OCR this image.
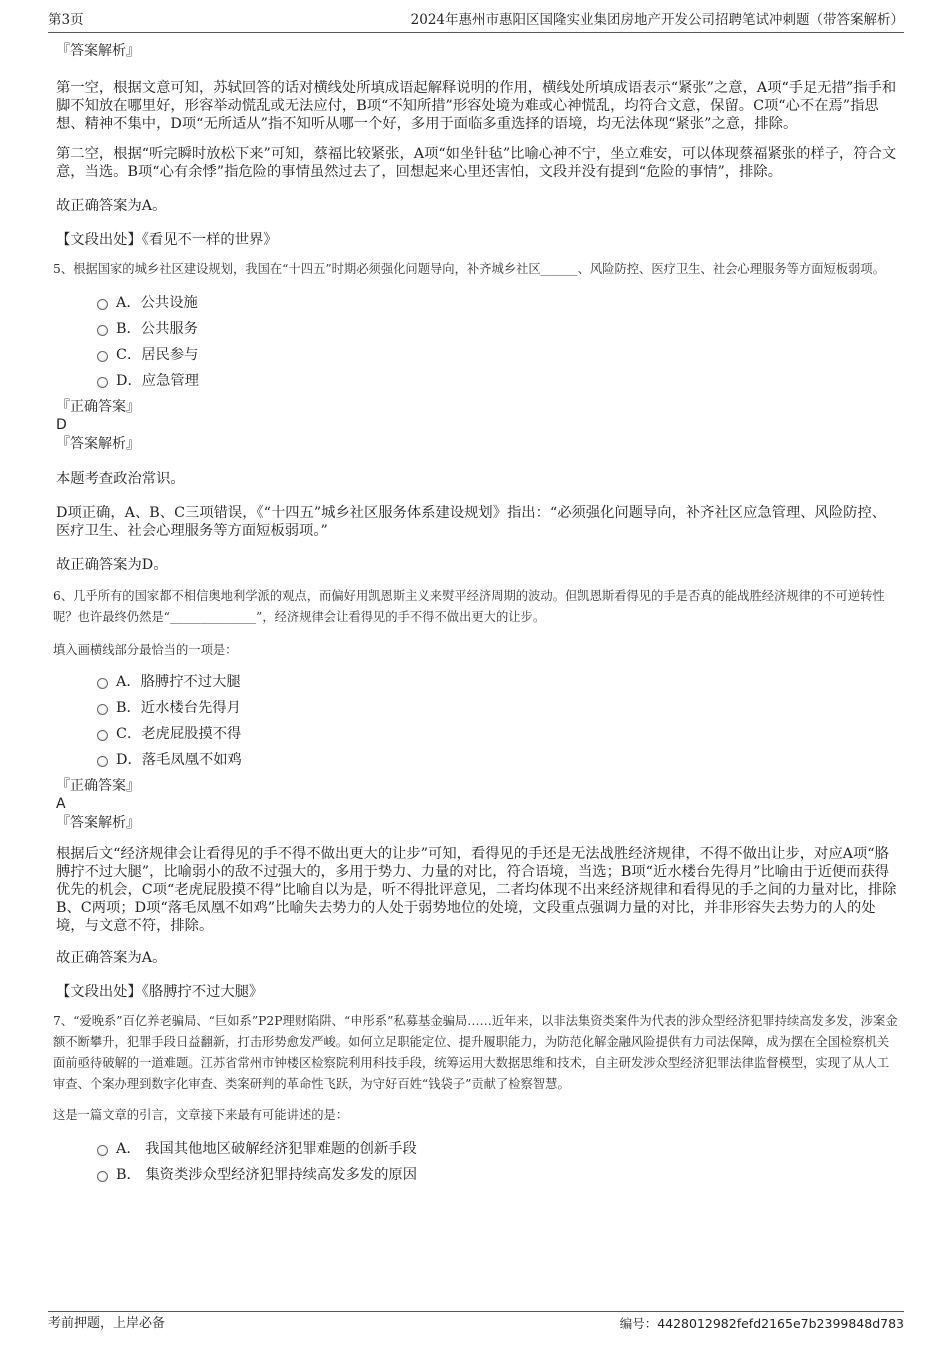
第3页	2024年惠州市惠阳区国隆实业集团房地产开发公司招聘笔试冲刺题（带答案解析）
『答案解析』

第一空，根据文意可知，苏轼回答的话对横线处所填成语起解释说明的作用，横线处所填成语表示“紧张”之意，A项“手足无措”指手和脚不知放在哪里好，形容举动慌乱或无法应付，B项“不知所措”形容处境为难或心神慌乱，均符合文意，保留。C项“心不在焉”指思想、精神不集中，D项“无所适从”指不知听从哪一个好，多用于面临多重选择的语境，均无法体现“紧张”之意，排除。

第二空，根据“听完瞬时放松下来”可知，蔡福比较紧张，A项“如坐针毡”比喻心神不宁，坐立难安，可以体现蔡福紧张的样子，符合文意，当选。B项“心有余悸”指危险的事情虽然过去了，回想起来心里还害怕，文段并没有提到“危险的事情”，排除。

故正确答案为A。

【文段出处】《看见不一样的世界》

5、根据国家的城乡社区建设规划，我国在“十四五”时期必须强化问题导向，补齐城乡社区______、风险防控、医疗卫生、社会心理服务等方面短板弱项。

A．公共设施
B．公共服务
C．居民参与
D．应急管理
『正确答案』

D

『答案解析』

本题考查政治常识。

D项正确，A、B、C三项错误，《“十四五”城乡社区服务体系建设规划》指出：“必须强化问题导向，补齐社区应急管理、风险防控、医疗卫生、社会心理服务等方面短板弱项。”

故正确答案为D。

6、几乎所有的国家都不相信奥地利学派的观点，而偏好用凯恩斯主义来熨平经济周期的波动。但凯恩斯看得见的手是否真的能战胜经济规律的不可逆转性呢？也许最终仍然是“______________”，经济规律会让看得见的手不得不做出更大的让步。

填入画横线部分最恰当的一项是：

A．胳膊拧不过大腿
B．近水楼台先得月
C．老虎屁股摸不得
D．落毛凤凰不如鸡
『正确答案』

A

『答案解析』

根据后文“经济规律会让看得见的手不得不做出更大的让步”可知，看得见的手还是无法战胜经济规律，不得不做出让步，对应A项“胳膊拧不过大腿”，比喻弱小的敌不过强大的，多用于势力、力量的对比，符合语境，当选；B项“近水楼台先得月”比喻由于近便而获得优先的机会，C项“老虎屁股摸不得”比喻自以为是，听不得批评意见，二者均体现不出来经济规律和看得见的手之间的力量对比，排除B、C两项；D项“落毛凤凰不如鸡”比喻失去势力的人处于弱势地位的处境，文段重点强调力量的对比，并非形容失去势力的人的处境，与文意不符，排除。

故正确答案为A。

【文段出处】《胳膊拧不过大腿》

7、“爱晚系”百亿养老骗局、“巨如系”P2P理财陷阱、“申彤系”私募基金骗局……近年来，以非法集资类案件为代表的涉众型经济犯罪持续高发多发，涉案金额不断攀升，犯罪手段日益翻新，打击形势愈发严峻。如何立足职能定位、提升履职能力，为防范化解金融风险提供有力司法保障，成为摆在全国检察机关面前亟待破解的一道难题。江苏省常州市钟楼区检察院利用科技手段，统筹运用大数据思维和技术，自主研发涉众型经济犯罪法律监督模型，实现了从人工审查、个案办理到数字化审查、类案研判的革命性飞跃，为守好百姓“钱袋子”贡献了检察智慧。

这是一篇文章的引言，文章接下来最有可能讲述的是：

A． 我国其他地区破解经济犯罪难题的创新手段
B． 集资类涉众型经济犯罪持续高发多发的原因
考前押题，上岸必备	编号：4428012982fefd2165e7b2399848d783
